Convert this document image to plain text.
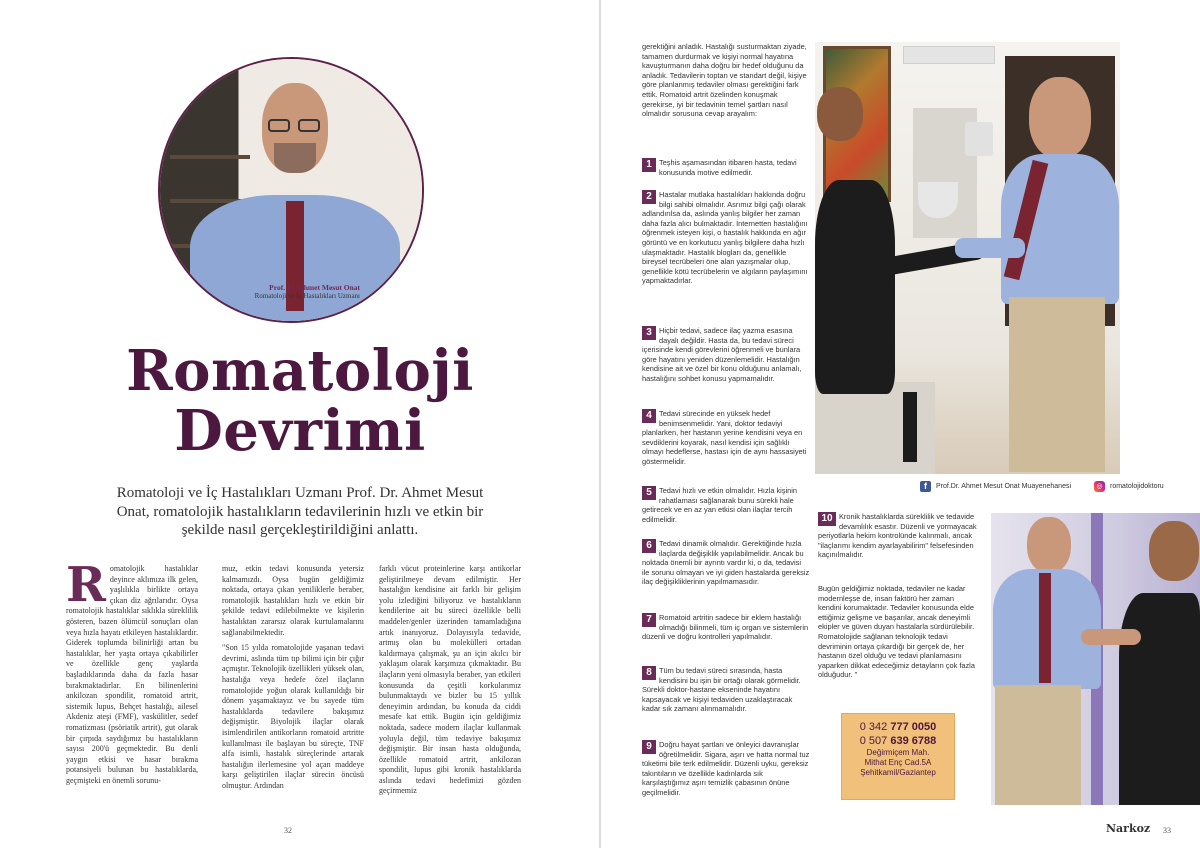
Prof. Dr. Ahmet Mesut Onat
Romatoloji ve İç Hastalıkları Uzmanı
Romatoloji
Devrimi
Romatoloji ve İç Hastalıkları Uzmanı Prof. Dr. Ahmet Mesut Onat, romatolojik hastalıkların tedavilerinin hızlı ve etkin bir şekilde nasıl gerçekleştirildiğini anlattı.
R omatolojik hastalıklar deyince aklımıza ilk gelen, yaşlılıkla birlikte ortaya çıkan diz ağrılarıdır. Oysa romatolojik hastalıklar sıklıkla süreklilik gösteren, bazen ölümcül sonuçları olan veya hızla hayatı etkileyen hastalıklardır. Giderek toplumda bilinirliği artan bu hastalıklar, her yaşta ortaya çıkabilirler ve özellikle genç yaşlarda başladıklarında daha da fazla hasar bırakmaktadırlar. En bilinenlerini ankilozan spondilit, romatoid artrit, sistemik lupus, Behçet hastalığı, ailesel Akdeniz ateşi (FMF), vaskülitler, sedef romatizması (psöriatik artrit), gut olarak bir çırpıda saydığımız bu hastalıkların sayısı 200'ü geçmektedir. Bu denli yaygın etkisi ve hasar bırakma potansiyeli bulunan bu hastalıklarda, geçmişteki en önemli sorunu-

muz, etkin tedavi konusunda yetersiz kalmamızdı. Oysa bugün geldiğimiz noktada, ortaya çıkan yeniliklerle beraber, romatolojik hastalıkları hızlı ve etkin bir şekilde tedavi edilebilmekte ve kişilerin hastalıktan zararsız olarak kurtulamalarını sağlanabilmektedir.

"Son 15 yılda romatolojide yaşanan tedavi devrimi, aslında tüm tıp bilimi için bir çığır açmıştır. Teknolojik özellikleri yüksek olan, hastalığa veya hedefe özel ilaçların romatolojide yoğun olarak kullanıldığı bir dönem yaşamaktayız ve bu sayede tüm hastalıklarda tedavilere bakışımız değişmiştir. Biyolojik ilaçlar olarak isimlendirilen antikorların romatoid artritte kullanılması ile başlayan bu süreçte, TNF alfa isimli, hastalık süreçlerinde artarak hastalığın ilerlemesine yol açan maddeye karşı geliştirilen ilaçlar sürecin öncüsü olmuştur. Ardından

farklı vücut proteinlerine karşı antikorlar geliştirilmeye devam edilmiştir. Her hastalığın kendisine ait farklı bir gelişim yolu izlediğini biliyoruz ve hastalıkların kendilerine ait bu süreci özellikle belli maddeler/genler üzerinden tamamladığına artık inanıyoruz. Dolayısıyla tedavide, artmış olan bu molekülleri ortadan kaldırmaya çalışmak, şu an için akılcı bir yaklaşım olarak karşımıza çıkmaktadır. Bu ilaçların yeni olmasıyla beraber, yan etkileri konusunda da çeşitli korkularımız bulunmaktaydı ve bizler bu 15 yıllık deneyimin ardından, bu konuda da ciddi mesafe kat ettik. Bugün için geldiğimiz noktada, sadece modern ilaçlar kullanmak yoluyla değil, tüm tedaviye bakışımız değişmiştir. Bir insan hasta olduğunda, özellikle romatoid artrit, ankilozan spondilit, lupus gibi kronik hastalıklarda aslında tedavi hedefimizi gözden geçirmemiz

32

gerektiğini anladık. Hastalığı susturmaktan ziyade, tamamen durdurmak ve kişiyi normal hayatına kavuşturmanın daha doğru bir hedef olduğunu da anladık. Tedavilerin toptan ve standart değil, kişiye göre planlanmış tedaviler olması gerektiğini fark ettik. Romatoid artrit özelinden konuşmak gerekirse, iyi bir tedavinin temel şartları nasıl olmalıdır sorusuna cevap arayalım:

1 Teşhis aşamasından itibaren hasta, tedavi konusunda motive edilmedir.
2 Hastalar mutlaka hastalıkları hakkında doğru bilgi sahibi olmalıdır. Asrımız bilgi çağı olarak adlandırılsa da, aslında yanlış bilgiler her zaman daha fazla alıcı bulmaktadır. İnternetten hastalığını öğrenmek isteyen kişi, o hastalık hakkında en ağır görüntü ve en korkutucu yanlış bilgilere daha hızlı ulaşmaktadır. Hastalık blogları da, genellikle bireysel tecrübeleri öne alan yazışmalar olup, genellikle kötü tecrübelerin ve algıların paylaşımını yapmaktadırlar.
3 Hiçbir tedavi, sadece ilaç yazma esasına dayalı değildir. Hasta da, bu tedavi süreci içerisinde kendi görevlerini öğrenmeli ve bunlara göre hayatını yeniden düzenlemelidir. Hastalığın kendisine ait ve özel bir konu olduğunu anlamalı, hastalığını sohbet konusu yapmamalıdır.
4 Tedavi sürecinde en yüksek hedef benimsenmelidir. Yani, doktor tedaviyi planlarken, her hastanın yerine kendisini veya en sevdiklerini koyarak, nasıl kendisi için sağlıklı olmayı hedeflerse, hastası için de aynı hassasiyeti göstermelidir.
5 Tedavi hızlı ve etkin olmalıdır. Hızla kişinin rahatlaması sağlanarak bunu sürekli hale getirecek ve en az yan etkisi olan ilaçlar tercih edilmelidir.
6 Tedavi dinamik olmalıdır. Gerektiğinde hızla ilaçlarda değişiklik yapılabilmelidir. Ancak bu noktada önemli bir ayrıntı vardır ki, o da, tedavisi ile sorunu olmayan ve iyi giden hastalarda gereksiz ilaç değişikliklerinin yapılmamasıdır.
7 Romatoid artritin sadece bir eklem hastalığı olmadığı bilinmeli, tüm iç organ ve sistemlerin düzenli ve doğru kontrolleri yapılmalıdır.
8 Tüm bu tedavi süreci sırasında, hasta kendisini bu işin bir ortağı olarak görmelidir. Sürekli doktor-hastane ekseninde hayatını kapsayacak ve kişiyi tedaviden uzaklaştıracak kadar sık zamanı alınmamalıdır.
9 Doğru hayat şartları ve önleyici davranışlar öğretilmelidir. Sigara, aşırı ve hatta normal tuz tüketimi bile terk edilmelidir. Düzenli uyku, gereksiz takıntıların ve özellikle kadınlarda sık karşılaştığımız aşırı temizlik çabasının önüne geçilmelidir.
f	Prof.Dr. Ahmet Mesut Onat Muayenehanesi	◎	romatolojidoktoru
10 Kronik hastalıklarda süreklilik ve tedavide devamlılık esastır. Düzenli ve yormayacak periyotlarla hekim kontrolünde kalınmalı, ancak "ilaçlarımı kendim ayarlayabilirim" felsefesinden kaçınılmalıdır.
Bugün geldiğimiz noktada, tedaviler ne kadar modernleşse de, insan faktörü her zaman kendini korumaktadır. Tedaviler konusunda elde ettiğimiz gelişme ve başarılar, ancak deneyimli ekipler ve güven duyan hastalarla sürdürülebilir. Romatolojide sağlanan teknolojik tedavi devriminin ortaya çıkardığı bir gerçek de, her hastanın özel olduğu ve tedavi planlamasını yaparken dikkat edeceğimiz detayların çok fazla olduğudur. "
0 342 777 0050
0 507 639 6788
Değirmiçem Mah.
Mithat Enç Cad.5A
Şehitkamil/Gaziantep
Narkoz 33
